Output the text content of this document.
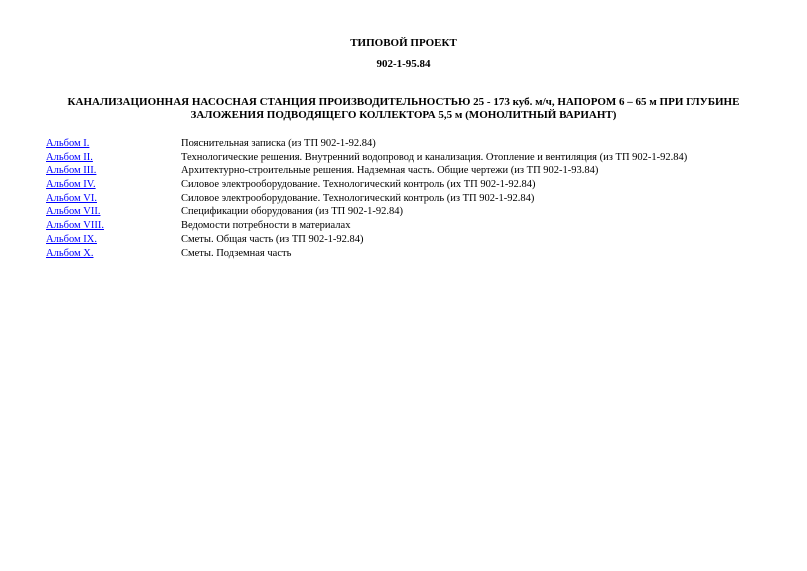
ТИПОВОЙ ПРОЕКТ
902-1-95.84
КАНАЛИЗАЦИОННАЯ НАСОСНАЯ СТАНЦИЯ ПРОИЗВОДИТЕЛЬНОСТЬЮ 25 - 173 куб. м/ч, НАПОРОМ 6 – 65 м ПРИ ГЛУБИНЕ
ЗАЛОЖЕНИЯ ПОДВОДЯЩЕГО КОЛЛЕКТОРА 5,5 м (МОНОЛИТНЫЙ ВАРИАНТ)
Альбом I.	Пояснительная записка (из ТП 902-1-92.84)
Альбом II.	Технологические решения. Внутренний водопровод и канализация. Отопление и вентиляция (из ТП 902-1-92.84)
Альбом III.	Архитектурно-строительные решения. Надземная часть. Общие чертежи (из ТП 902-1-93.84)
Альбом IV.	Силовое электрооборудование. Технологический контроль (их ТП 902-1-92.84)
Альбом VI.	Силовое электрооборудование. Технологический контроль (из ТП 902-1-92.84)
Альбом VII.	Спецификации оборудования (из ТП 902-1-92.84)
Альбом VIII.	Ведомости потребности в материалах
Альбом IX.	Сметы. Общая часть (из ТП 902-1-92.84)
Альбом X.	Сметы. Подземная часть
